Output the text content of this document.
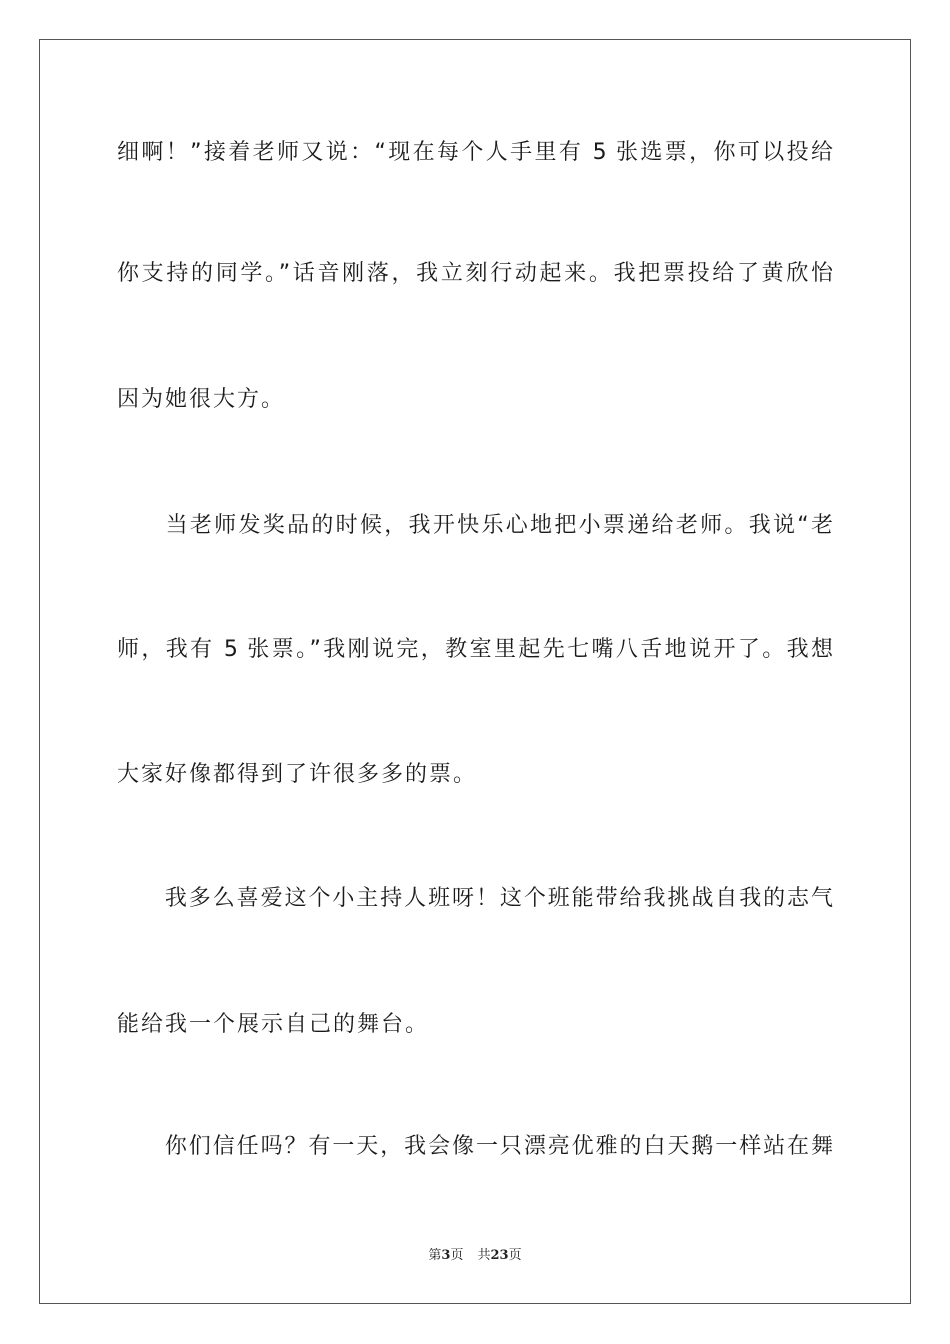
细啊！”接着老师又说：“现在每个人手里有 5 张选票，你可以投给
你支持的同学。”话音刚落，我立刻行动起来。我把票投给了黄欣怡
因为她很大方。
　　当老师发奖品的时候，我开快乐心地把小票递给老师。我说“老
师，我有 5 张票。”我刚说完，教室里起先七嘴八舌地说开了。我想
大家好像都得到了许很多多的票。
　　我多么喜爱这个小主持人班呀！这个班能带给我挑战自我的志气
能给我一个展示自己的舞台。
　　你们信任吗？有一天，我会像一只漂亮优雅的白天鹅一样站在舞
第3页 共23页
